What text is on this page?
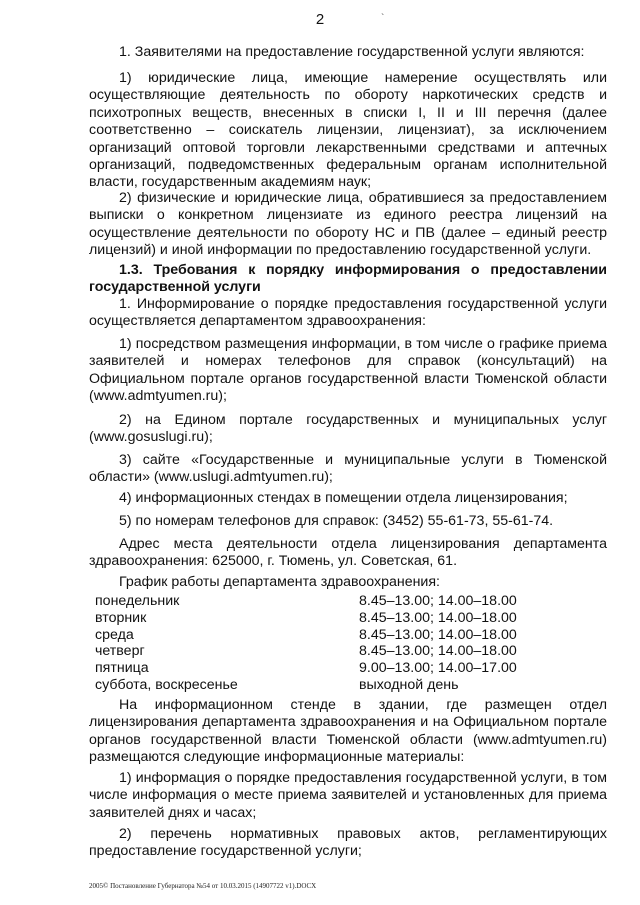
2	`

1. Заявителями на предоставление государственной услуги являются:

1) юридические лица, имеющие намерение осуществлять или осуществляющие деятельность по обороту наркотических средств и психотропных веществ, внесенных в списки I, II и III перечня (далее соответственно – соискатель лицензии, лицензиат), за исключением организаций оптовой торговли лекарственными средствами и аптечных организаций, подведомственных федеральным органам исполнительной власти, государственным академиям наук;

2) физические и юридические лица, обратившиеся за предоставлением выписки о конкретном лицензиате из единого реестра лицензий на осуществление деятельности по обороту НС и ПВ (далее – единый реестр лицензий) и иной информации по предоставлению государственной услуги.

1.3. Требования к порядку информирования о предоставлении государственной услуги

1. Информирование о порядке предоставления государственной услуги осуществляется департаментом здравоохранения:

1) посредством размещения информации, в том числе о графике приема заявителей и номерах телефонов для справок (консультаций) на Официальном портале органов государственной власти Тюменской области (www.admtyumen.ru);

2) на Едином портале государственных и муниципальных услуг (www.gosuslugi.ru);

3) сайте «Государственные и муниципальные услуги в Тюменской области» (www.uslugi.admtyumen.ru);

4) информационных стендах в помещении отдела лицензирования;

5) по номерам телефонов для справок: (3452) 55-61-73, 55-61-74.

Адрес места деятельности отдела лицензирования департамента здравоохранения: 625000, г. Тюмень, ул. Советская, 61.

График работы департамента здравоохранения:

понедельник	8.45–13.00; 14.00–18.00
вторник	8.45–13.00; 14.00–18.00
среда	8.45–13.00; 14.00–18.00
четверг	8.45–13.00; 14.00–18.00
пятница	9.00–13.00; 14.00–17.00
суббота, воскресенье	выходной день

На информационном стенде в здании, где размещен отдел лицензирования департамента здравоохранения и на Официальном портале органов государственной власти Тюменской области (www.admtyumen.ru) размещаются следующие информационные материалы:

1) информация о порядке предоставления государственной услуги, в том числе информация о месте приема заявителей и установленных для приема заявителей днях и часах;

2) перечень нормативных правовых актов, регламентирующих предоставление государственной услуги;

2005© Постановление Губернатора №54 от 10.03.2015 (14907722 v1).DOCX
